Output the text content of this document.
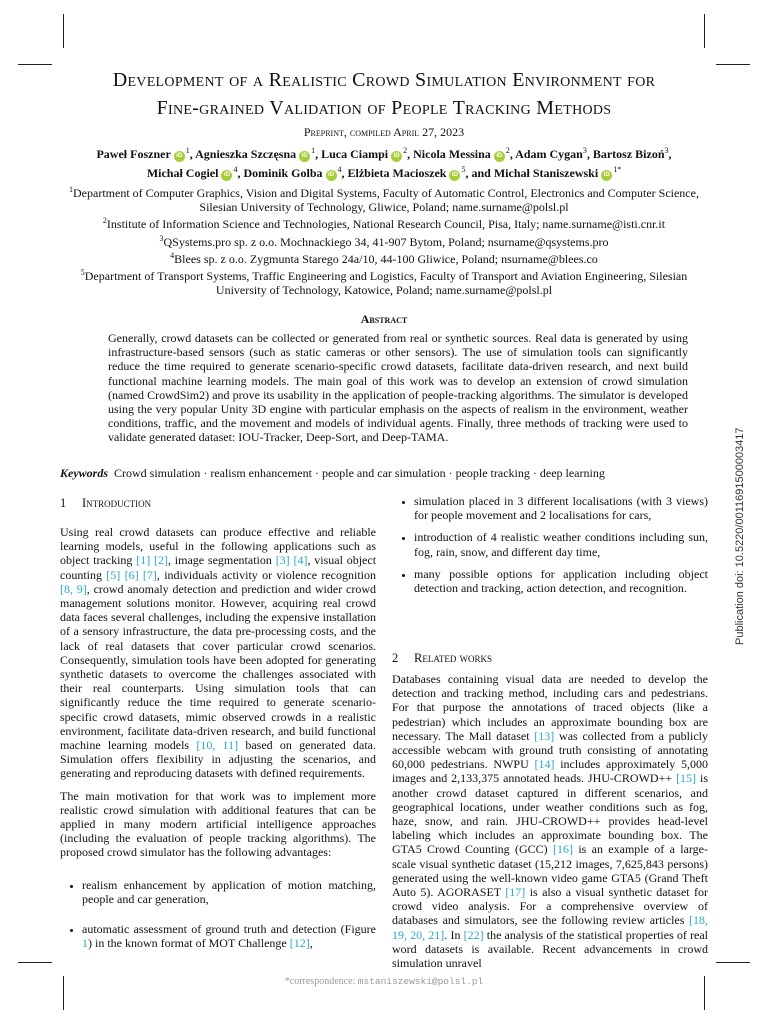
Development of a Realistic Crowd Simulation Environment for
Fine-grained Validation of People Tracking Methods
Preprint, compiled April 27, 2023
Paweł Foszner $iD^1$, Agnieszka Szczęsna $iD^1$, Luca Ciampi $iD^2$, Nicola Messina $iD^2$, Adam Cygan$^3$, Bartosz Bizoń$^3$,
Michał Cogiel $iD^4$, Dominik Golba $iD^4$, Elżbieta Macioszek $iD^5$, and Michał Staniszewski $iD^{1*}$

$^1$Department of Computer Graphics, Vision and Digital Systems, Faculty of Automatic Control, Electronics and Computer Science, Silesian University of Technology, Gliwice, Poland; name.surname@polsl.pl

$^2$Institute of Information Science and Technologies, National Research Council, Pisa, Italy; name.surname@isti.cnr.it

$^3$QSystems.pro sp. z o.o. Mochnackiego 34, 41-907 Bytom, Poland; nsurname@qsystems.pro

$^4$Blees sp. z o.o. Zygmunta Starego 24a/10, 44-100 Gliwice, Poland; nsurname@blees.co

$^5$Department of Transport Systems, Traffic Engineering and Logistics, Faculty of Transport and Aviation Engineering, Silesian University of Technology, Katowice, Poland; name.surname@polsl.pl

Abstract
Generally, crowd datasets can be collected or generated from real or synthetic sources. Real data is generated by using infrastructure-based sensors (such as static cameras or other sensors). The use of simulation tools can significantly reduce the time required to generate scenario-specific crowd datasets, facilitate data-driven research, and next build functional machine learning models. The main goal of this work was to develop an extension of crowd simulation (named CrowdSim2) and prove its usability in the application of people-tracking algorithms. The simulator is developed using the very popular Unity 3D engine with particular emphasis on the aspects of realism in the environment, weather conditions, traffic, and the movement and models of individual agents. Finally, three methods of tracking were used to validate generated dataset: IOU-Tracker, Deep-Sort, and Deep-TAMA.
Keywords Crowd simulation · realism enhancement · people and car simulation · people tracking · deep learning
1 Introduction

Using real crowd datasets can produce effective and reliable learning models, useful in the following applications such as object tracking [1] [2], image segmentation [3] [4], visual object counting [5] [6] [7], individuals activity or violence recognition [8, 9], crowd anomaly detection and prediction and wider crowd management solutions monitor. However, acquiring real crowd data faces several challenges, including the expensive installation of a sensory infrastructure, the data pre-processing costs, and the lack of real datasets that cover particular crowd scenarios. Consequently, simulation tools have been adopted for generating synthetic datasets to overcome the challenges associated with their real counterparts. Using simulation tools that can significantly reduce the time required to generate scenario-specific crowd datasets, mimic observed crowds in a realistic environment, facilitate data-driven research, and build functional machine learning models [10, 11] based on generated data. Simulation offers flexibility in adjusting the scenarios, and generating and reproducing datasets with defined requirements.

The main motivation for that work was to implement more realistic crowd simulation with additional features that can be applied in many modern artificial intelligence approaches (including the evaluation of people tracking algorithms). The proposed crowd simulator has the following advantages:

• realism enhancement by application of motion matching, people and car generation,
• automatic assessment of ground truth and detection (Figure 1) in the known format of MOT Challenge [12],
• simulation placed in 3 different localisations (with 3 views) for people movement and 2 localisations for cars,
• introduction of 4 realistic weather conditions including sun, fog, rain, snow, and different day time,
• many possible options for application including object detection and tracking, action detection, and recognition.
2 Related works

Databases containing visual data are needed to develop the detection and tracking method, including cars and pedestrians. For that purpose the annotations of traced objects (like a pedestrian) which includes an approximate bounding box are necessary. The Mall dataset [13] was collected from a publicly accessible webcam with ground truth consisting of annotating 60,000 pedestrians. NWPU [14] includes approximately 5,000 images and 2,133,375 annotated heads. JHU-CROWD++ [15] is another crowd dataset captured in different scenarios, and geographical locations, under weather conditions such as fog, haze, snow, and rain. JHU-CROWD++ provides head-level labeling which includes an approximate bounding box. The GTA5 Crowd Counting (GCC) [16] is an example of a large-scale visual synthetic dataset (15,212 images, 7,625,843 persons) generated using the well-known video game GTA5 (Grand Theft Auto 5). AGORASET [17] is also a visual synthetic dataset for crowd video analysis. For a comprehensive overview of databases and simulators, see the following review articles [18, 19, 20, 21]. In [22] the analysis of the statistical properties of real word datasets is available. Recent advancements in crowd simulation unravel

Publication doi: 10.5220/0011691500003417
*correspondence: mstaniszewski@polsl.pl
